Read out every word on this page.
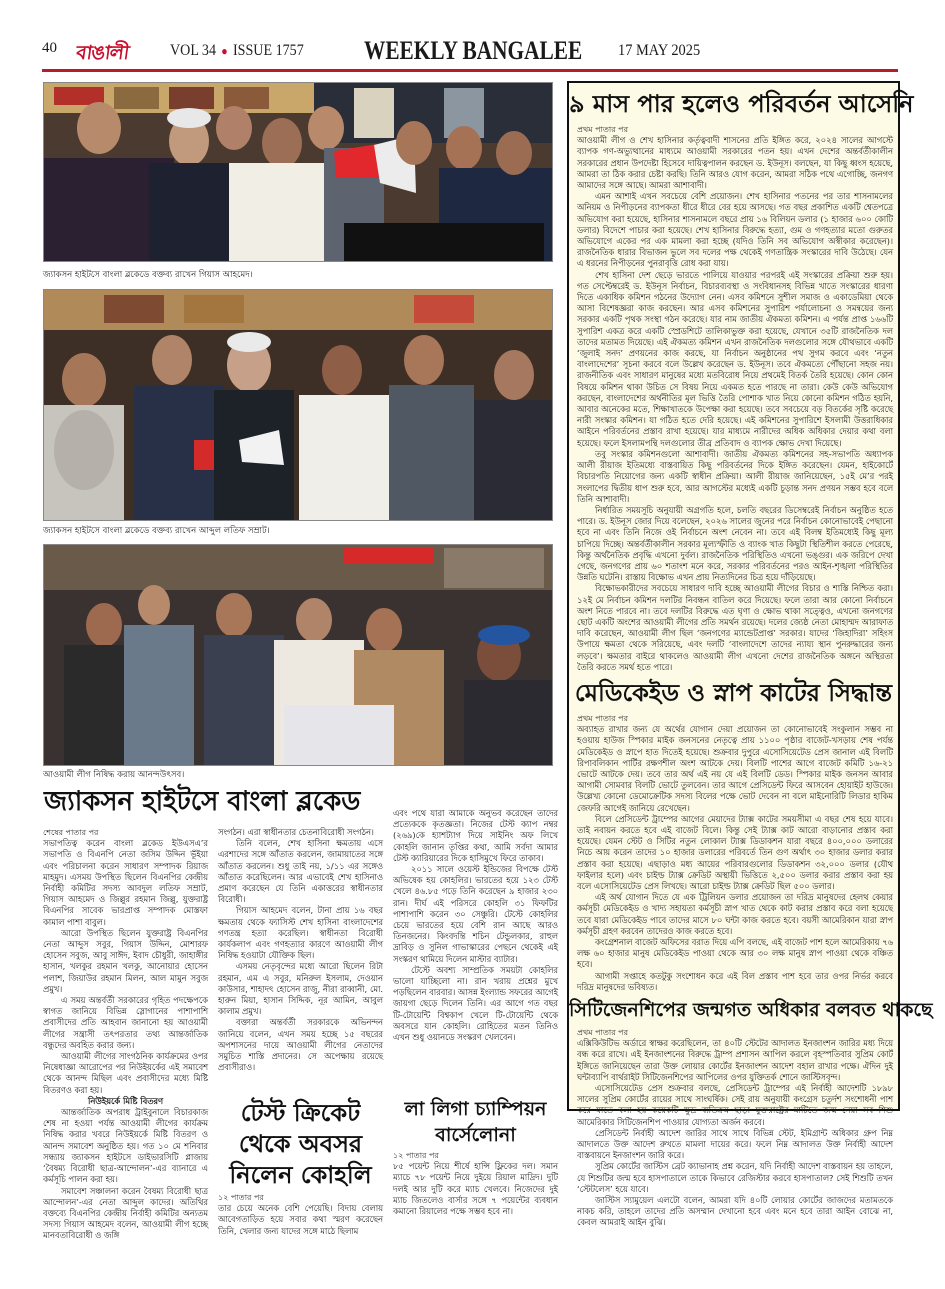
40 বাঙালী	VOL 34 ● ISSUE 1757 WEEKLY BANGALEE 17 MAY 2025
জ্যাকসন হাইটসে বাংলা ব্লকেডে বক্তব্য রাখেন গিয়াস আহমেদ।
জ্যাকসন হাইটসে বাংলা ব্লকেডে বক্তব্য রাখেন আব্দুল লতিফ সম্রাট।
আওয়ামী লীগ নিষিদ্ধ করায় আনন্দউৎসব।
জ্যাকসন হাইটসে বাংলা ব্লকেড

শেষের পাতার পর

সভাপতিত্ব করেন বাংলা ব্লকেড ইউএসএ’র সভাপতি ও বিএনপি নেতা জসিম উদ্দিন ভূঁইয়া এবং পরিচালনা করেন সাধারণ সম্পাদক রিয়াজ মাহমুদ। এসময় উপস্থিত ছিলেন বিএনপির কেন্দ্রীয় নির্বাহী কমিটির সদস্য আবদুল লতিফ সম্রাট, গিয়াস আহমেদ ও জিল্লুর রহমান জিল্লু, যুক্তরাষ্ট্র বিএনপির সাবেক ভারপ্রাপ্ত সম্পাদক মোস্তফা কামাল পাশা বাবুল।

আরো উপস্থিত ছিলেন যুক্তরাষ্ট্র বিএনপির নেতা আব্দুস সবুর, গিয়াস উদ্দিন, মোশারফ হোসেন সবুজ, আবু সাঈদ, ইবাদ চৌধুরী, জাহাঙ্গীর হাসান, খলকুর রহমান খলকু, আনোয়ার হোসেন পলাশ, জিয়াউর রহমান মিলন, আল মামুন সবুজ প্রমুখ।

এ সময় অন্তর্বর্তী সরকারের গৃহিত পদক্ষেপকে স্বাগত জানিয়ে বিভিন্ন স্লোগানের পাশাপাশি প্রবাসীদের প্রতি আহবান জানানো হয় আওয়ামী লীগের সন্ত্রাসী তৎপরতার তথ্য আন্তর্জাতিক বন্ধুদের অবহিত করার জন্য।

আওয়ামী লীগের সাংগঠনিক কার্যক্রমের ওপর নিষেধাজ্ঞা আরোপের পর নিউইয়র্কের এই সমাবেশ থেকে আনন্দ মিছিল এবং প্রবাসীদের মধ্যে মিষ্টি বিতরণও করা হয়।

নিউইয়র্কে মিষ্টি বিতরণ

আন্তর্জাতিক অপরাধ ট্রাইবুনালে বিচারকাজ শেষ না হওয়া পর্যন্ত আওয়ামী লীগের কার্যক্রম নিষিদ্ধ করার খবরে নিউইয়র্কে মিষ্টি বিতরণ ও আনন্দ সমাবেশ অনুষ্ঠিত হয়। গত ১০ মে শনিবার সন্ধ্যায় জ্যাকসন হাইটসে ডাইভারসিটি প্লাজায় ‘বৈষম্য বিরোধী ছাত্র-আন্দোলন’-এর ব্যানারে এ কর্মসূচি পালন করা হয়।

সমাবেশ সঞ্চালনা করেন বৈষম্য বিরোধী ছাত্র আন্দোলন’-এর নেতা আব্দুল কাদের। অতিথির বক্তব্যে বিএনপির কেন্দ্রীয় নির্বাহী কমিটির অন্যতম সদস্য গিয়াস আহমেদ বলেন, আওয়ামী লীগ হচ্ছে মানবতাবিরোধী ও জঙ্গি

সংগঠন। এরা স্বাধীনতার চেতনাবিরোধী সংগঠন।

তিনি বলেন, শেখ হাসিনা ক্ষমতায় এসে এরশাদের সঙ্গে আঁতাত করলেন, জামায়াতের সঙ্গে আঁতাত করলেন। শুধু তাই নয়, ১/১১ এর সঙ্গেও আঁতাত করেছিলেন। আর এভাবেই শেখ হাসিনাও প্রমাণ করেছেন যে তিনি একাত্তরের স্বাধীনতার বিরোধী।

গিয়াস আহমেদ বলেন, টানা প্রায় ১৬ বছর ক্ষমতায় থেকে ফ্যাসিস্ট শেখ হাসিনা বাংলাদেশের গণতন্ত্র হত্যা করেছিল। স্বাধীনতা বিরোধী কার্যকলাপ এবং গণহত্যার কারণে আওয়ামী লীগ নিষিদ্ধ হওয়াটা যৌক্তিক ছিল।

এসময় নেতৃবৃন্দের মধ্যে আরো ছিলেন রিটা রহমান, এম এ সবুর, মনিরুল ইসলাম, দেওয়ান কাউসার, শাহাদৎ হোসেন রাজু, নীরা রাব্বানী, মো. হারুন মিয়া, হাসান সিদ্দিক, নূর আমিন, আবুল কালাম প্রমুখ।

বক্তারা অন্তর্বর্তী সরকারকে অভিনন্দন জানিয়ে বলেন, এখন সময় হচ্ছে ১৫ বছরের অপশাসনের দায়ে আওয়ামী লীগের নেতাদের সমুচিত শাস্তি প্রদানের। সে অপেক্ষায় রয়েছে প্রবাসীরাও।

টেস্ট ক্রিকেট
থেকে অবসর
নিলেন কোহলি

১২ পাতার পর

তার চেয়ে অনেক বেশি পেয়েছি। বিদায় বেলায় আবেগতাড়িত হয়ে সবার কথা স্মরণ করেছেন তিনি, খেলার জন্য যাদের সঙ্গে মাঠে ছিলাম

এবং পথে যারা আমাকে অনুভব করেছেন তাদের প্রত্যেককে কৃতজ্ঞতা। নিজের টেস্ট ক্যাপ নম্বর (২৬৯)কে হ্যাশট্যাগ দিয়ে সাইনিং অফ লিখে কোহলি জানান তৃপ্তির কথা, আমি সর্বদা আমার টেস্ট ক্যারিয়ারের দিকে হাসিমুখে ফিরে তাকাব।

২০১১ সালে ওয়েস্ট ইন্ডিজের বিপক্ষে টেস্ট অভিষেক হয় কোহলির। ভারতের হয়ে ১২৩ টেস্ট খেলে ৪৬.৮৫ গড়ে তিনি করেছেন ৯ হাজার ২৩০ রান। দীর্ঘ এই পরিসরে কোহলি ৩১ ফিফটির পাশাপাশি করেন ৩০ সেঞ্চুরি। টেস্টে কোহলির চেয়ে ভারতের হয়ে বেশি রান আছে আরও তিনজনের। কিংবদন্তি শচিন টেন্ডুলকার, রাহুল দ্রাবিড় ও সুনিল গাভাস্কারের পেছনে থেকেই এই সংস্করণ থামিয়ে দিলেন মাস্টার ব্যাটার।

টেস্টে অবশ্য সাম্প্রতিক সময়টা কোহলির ভালো যাচ্ছিলো না। রান খরায় প্রশ্নের মুখে পড়ছিলেন বারবার। আসন্ন ইংল্যান্ড সফরের আগেই জায়গা ছেড়ে দিলেন তিনি। এর আগে গত বছর টি-টোয়েন্টি বিশ্বকাপ খেলে টি-টোয়েন্টি থেকে অবসরে যান কোহলি। রোহিতের মতন তিনিও এখন শুধু ওয়ানডে সংস্করণ খেলবেন।

লা লিগা চ্যাম্পিয়ন
বার্সেলোনা

১২ পাতার পর

৮৫ পয়েন্ট নিয়ে শীর্ষে হান্সি ফ্লিকের দল। সমান ম্যাচে ৭৮ পয়েন্ট নিয়ে দুইয়ে রিয়াল মাদ্রিদ। দুটি দলই আর দুটি করে ম্যাচ খেলবে। নিজেদের দুই ম্যাচ জিতলেও বার্সার সঙ্গে ৭ পয়েন্টের ব্যবধান কমানো রিয়ালের পক্ষে সম্ভব হবে না।

৯ মাস পার হলেও পরিবর্তন আসেনি

প্রথম পাতার পর

আওয়ামী লীগ ও শেখ হাসিনার কর্তৃত্ববাদী শাসনের প্রতি ইঙ্গিত করে, ২০২৪ সালের আগস্টে ব্যাপক গণ-অভ্যুত্থানের মাধ্যমে আওয়ামী সরকারের পতন হয়। এখন দেশের অন্তর্বর্তীকালীন সরকারের প্রধান উপদেষ্টা হিসেবে দায়িত্বপালন করছেন ড. ইউনূস। বলছেন, যা কিছু ধ্বংস হয়েছে, আমরা তা ঠিক করার চেষ্টা করছি। তিনি আরও যোগ করেন, আমরা সঠিক পথে এগোচ্ছি, জনগণ আমাদের সঙ্গে আছে। আমরা আশাবাদী।

এমন আশাই এখন সবচেয়ে বেশি প্রয়োজন। শেখ হাসিনার পতনের পর তার শাসনামলের অনিয়ম ও নিপীড়নের ব্যাপকতা ধীরে ধীরে বের হয়ে আসছে। গত বছর প্রকাশিত একটি শ্বেতপত্রে অভিযোগ করা হয়েছে, হাসিনার শাসনামলে বছরে প্রায় ১৬ বিলিয়ন ডলার (১ হাজার ৬০০ কোটি ডলার) বিদেশে পাচার করা হয়েছে। শেখ হাসিনার বিরুদ্ধে হত্যা, গুম ও গণহত্যার মতো গুরুতর অভিযোগে একের পর এক মামলা করা হচ্ছে (যদিও তিনি সব অভিযোগ অস্বীকার করেছেন)। রাজনৈতিক ধারার বিভাজন ভুলে সব দলের পক্ষ থেকেই গণতান্ত্রিক সংস্কারের দাবি উঠেছে। যেন এ ধরনের নিপীড়নের পুনরাবৃত্তি রোধ করা যায়।

শেখ হাসিনা দেশ ছেড়ে ভারতে পালিয়ে যাওয়ার পরপরই এই সংস্কারের প্রক্রিয়া শুরু হয়। গত সেপ্টেম্বরেই ড. ইউনূস নির্বাচন, বিচারব্যবস্থা ও সংবিধানসহ বিভিন্ন খাতে সংস্কারের ধারণা দিতে একাধিক কমিশন গঠনের উদ্যোগ নেন। এসব কমিশনে সুশীল সমাজ ও একাডেমিয়া থেকে আসা বিশেষজ্ঞরা কাজ করছেন। আর এসব কমিশনের সুপারিশ পর্যালোচনা ও সমন্বয়ের জন্য সরকার একটি পৃথক সংস্থা গঠন করেছে। যার নাম জাতীয় ঐকমত্য কমিশন। এ পর্যন্ত প্রাপ্ত ১৬৬টি সুপারিশ একত্র করে একটি স্প্রেডশিটে তালিকাভুক্ত করা হয়েছে, যেখানে ৩৫টি রাজনৈতিক দল তাদের মতামত দিয়েছে। এই ঐকমত্য কমিশন এখন রাজনৈতিক দলগুলোর সঙ্গে যৌথভাবে একটি ‘জুলাই সনদ’ প্রণয়নের কাজ করছে, যা নির্বাচন অনুষ্ঠানের পথ সুগম করবে এবং ‘নতুন বাংলাদেশের’ সূচনা করবে বলে উল্লেখ করেছেন ড. ইউনূস। তবে ঐকমত্যে পৌঁছানো সহজ নয়। রাজনীতিক এবং সাধারণ মানুষের মধ্যে মতবিরোধ নিয়ে প্রথমেই বিতর্ক তৈরি হয়েছে। কোন কোন বিষয়ে কমিশন থাকা উচিত সে বিষয় নিয়ে একমত হতে পারছে না তারা। কেউ কেউ অভিযোগ করছেন, বাংলাদেশের অর্থনীতির মূল ভিত্তি তৈরি পোশাক খাত নিয়ে কোনো কমিশন গঠিত হয়নি, আবার অনেকের মতে, শিক্ষাখাতকে উপেক্ষা করা হয়েছে। তবে সবচেয়ে বড় বিতর্কের সৃষ্টি করেছে নারী সংস্কার কমিশন। যা গঠিত হতে দেরি হয়েছে। এই কমিশনের সুপারিশে ইসলামী উত্তরাধিকার আইনে পরিবর্তনের প্রস্তাব রাখা হয়েছে। যার মাধ্যমে নারীদের অধিক অধিকার দেয়ার কথা বলা হয়েছে। ফলে ইসলামপন্থি দলগুলোর তীব্র প্রতিবাদ ও ব্যাপক ক্ষোভ দেখা দিয়েছে।

তবু সংস্কার কমিশনগুলো আশাবাদী। জাতীয় ঐকমত্য কমিশনের সহ-সভাপতি অধ্যাপক আলী রীয়াজ ইতিমধ্যে বাস্তবায়িত কিছু পরিবর্তনের দিকে ইঙ্গিত করেছেন। যেমন, হাইকোর্টে বিচারপতি নিয়োগের জন্য একটি স্বাধীন প্রক্রিয়া। আলী রীয়াজ জানিয়েছেন, ১৫ই মে’র পরই সংলাপের দ্বিতীয় ধাপ শুরু হবে, আর আগস্টের মধ্যেই একটি চূড়ান্ত সনদ প্রণয়ন সম্ভব হবে বলে তিনি আশাবাদী।

নির্ধারিত সময়সূচি অনুযায়ী অগ্রগতি হলে, চলতি বছরের ডিসেম্বরেই নির্বাচন অনুষ্ঠিত হতে পারে। ড. ইউনূস জোর দিয়ে বলেছেন, ২০২৬ সালের জুনের পরে নির্বাচন কোনোভাবেই পেছানো হবে না এবং তিনি নিজে ওই নির্বাচনে অংশ নেবেন না। তবে এই বিলম্ব ইতিমধ্যেই কিছু মূল্য চাপিয়ে দিচ্ছে। অন্তর্বর্তীকালীন সরকার মূল্যস্ফীতি ও ব্যাংক খাত কিছুটা স্থিতিশীল করতে পেরেছে, কিন্তু অর্থনৈতিক প্রবৃদ্ধি এখনো দুর্বল। রাজনৈতিক পরিস্থিতিও এখনো ভঙ্গুর। এক জরিপে দেখা গেছে, জনগণের প্রায় ৬০ শতাংশ মনে করে, সরকার পরিবর্তনের পরও আইন-শৃঙ্খলা পরিস্থিতির উন্নতি ঘটেনি। রাস্তায় বিক্ষোভ এখন প্রায় নিত্যদিনের চিত্র হয়ে দাঁড়িয়েছে।

বিক্ষোভকারীদের সবচেয়ে সাধারণ দাবি হচ্ছে আওয়ামী লীগের বিচার ও শাস্তি নিশ্চিত করা। ১২ই মে নির্বাচন কমিশন দলটির নিবন্ধন বাতিল করে দিয়েছে। ফলে তারা আর কোনো নির্বাচনে অংশ নিতে পারবে না। তবে দলটির বিরুদ্ধে এত ঘৃণা ও ক্ষোভ থাকা সত্ত্বেও, এখনো জনগণের ছোট একটি অংশের আওয়ামী লীগের প্রতি সমর্থন রয়েছে। দলের জ্যেষ্ঠ নেতা মোহাম্মদ আরাফাত দাবি করেছেন, আওয়ামী লীগ ছিল ‘জনগণের ম্যান্ডেটপ্রাপ্ত’ সরকার। যাদের ‘জিহাদিরা’ সহিংস উপায়ে ক্ষমতা থেকে সরিয়েছে, এবং দলটি ‘বাংলাদেশে তাদের ন্যায্য স্থান পুনরুদ্ধারের জন্য লড়বে’। ক্ষমতার বাইরে থাকলেও আওয়ামী লীগ এখনো দেশের রাজনৈতিক অঙ্গনে অস্থিরতা তৈরি করতে সমর্থ হতে পারে।

মেডিকেইড ও স্নাপ কাটের সিদ্ধান্ত

প্রথম পাতার পর

অব্যাহত রাখার জন্য যে অর্থের যোগান দেয়া প্রয়োজন তা কোনোভাবেই সংকুলান সম্ভব না হওয়ায় হাউজ স্পিকার মাইক জনসনের নেতৃত্বে প্রায় ১১০০ পৃষ্ঠার বাজেট-খসড়ায় শেষ পর্যন্ত মেডিকেইড ও স্নাপে হাত দিতেই হয়েছে। শুক্রবার দুপুরে এসোসিয়েটেড প্রেস জানাল এই বিলটি রিপাবলিকান পার্টির রক্ষণশীল অংশ আটকে দেয়। বিলটি পাশের আগে বাজেট কমিটি ১৬-২১ ভোটে আটকে দেয়। তবে তার অর্থ এই নয় যে এই বিলটি ডেড। স্পিকার মাইক জনসন আবার আগামী সোমবার বিলটি ভোটে তুলবেন। তার আগে প্রেসিডেন্ট ফিরে আসবেন হোয়াইট হাউজে। উল্লেখ্য কোনো ডেমোক্রেটিক সদস্য বিলের পক্ষে ভোট দেবেন না বলে মাইনোরিটি লিডার হাকিম জেফরি আগেই জানিয়ে রেখেছেন।

বিলে প্রেসিডেন্ট ট্রাম্পের আগের মেয়াদের ট্যাক্স কাটের সময়সীমা এ বছর শেষ হয়ে যাবে। তাই নবায়ন করতে হবে এই বাজেট বিলে। কিন্তু সেই ট্যাক্স কাট আরো বাড়ানোর প্রস্তাব করা হয়েছে। যেমন স্টেট ও সিটির নতুন লোকাল ট্যাক্স ডিডাকশন যারা বছরে ৪০০,০০০ ডলারের নিচে আয় করেন তাদের ১০ হাজার ডলারের পরিবর্তে তিন গুণ অর্থাৎ ৩০ হাজার ডলার করার প্রস্তাব করা হয়েছে। এছাড়াও মধ্য আয়ের পরিবারগুলোর ডিডাকশন ৩২,০০০ ডলার (যৌথ ফাইলার হলে) এবং চাইল্ড ট্যাক্স ক্রেডিট অস্থায়ী ভিত্তিতে ২,৫০০ ডলার করার প্রস্তাব করা হয় বলে এসোসিয়েটেড প্রেস লিখছে। আরো চাইল্ড ট্যাক্স ক্রেডিট ছিল ৫০০ ডলার।

এই অর্থ যোগান দিতে যে এক ট্রিলিয়ন ডলার প্রয়োজন তা দরিদ্র মানুষদের হেলথ কেয়ার কর্মসূচী মেডিকেইড ও খাদ্য সহায়তা কর্মসূচী স্নাপ খাত থেকে কাট করার প্রস্তাব করে বলা হয়েছে তবে যারা মেডিকেইড পাবে তাদের মাসে ৮০ ঘন্টা কাজ করতে হবে। বয়সী আমেরিকান যারা স্নাপ কর্মসূচী গ্রহণ করবেন তাদেরও কাজ করতে হবে।

কংগ্রেশনাল বাজেট অফিসের বরাত দিয়ে এপি বলছে, এই বাজেট পাশ হলে আমেরিকায় ৭৬ লক্ষ ৬০ হাজার মানুষ মেডিকেইড পাওয়া থেকে আর ৩০ লক্ষ মানুষ স্নাপ পাওয়া থেকে বঞ্চিত হবে।

আগামী সপ্তাহে কতটুকু সংশোধন করে এই বিল প্রস্তাব পাশ হবে তার ওপর নির্ভর করবে দরিদ্র মানুষদের ভবিষ্যত।

সিটিজেনশিপের জন্মগত অধিকার বলবত থাকছে

প্রথম পাতার পর

এক্সিকিউটিভ অর্ডারে স্বাক্ষর করেছিলেন, তা ৪০টি স্টেটের আদালত ইনজাংশন জারির মধ্য দিয়ে বন্ধ করে রাখে। এই ইনজাংশনের বিরুদ্ধে ট্রাম্প প্রশাসন আপিল করলে বৃহস্পতিবার সুপ্রিম কোর্ট ইঙ্গিতে জানিয়েছেন তারা উক্ত লোয়ার কোর্টের ইনজাংশন আদেশ বহাল রাখার পক্ষে। ঐদিন দুই ঘন্টাব্যাপি বার্থরাইট সিটিজেনশিপের আপিলের ওপর যুক্তিতর্ক শোনে জাস্টিসবৃন্দ।

এসোসিয়েটেড প্রেস শুক্রবার বলছে, প্রেসিডেন্ট ট্রাম্পের এই নির্বাহী আদেশটি ১৮৯৮ সালের সুপ্রিম কোর্টের রায়ের সাথে সাংঘর্ষিক। সেই রায় অনুযায়ী কংগ্রেস চতুর্দশ সংশোধনী পাশ করে যাতে বলা হয় কয়েকটি ক্ষুদ্র ব্যতিক্রম ছাড়া যুক্তরাষ্ট্রের মাটিতে জন্ম নেয়া সব শিশু আমেরিকার সিটিজেনশিপ পাওয়ার যোগ্যতা অর্জন করবে।

প্রেসিডেন্ট নির্বাহী আদেশ জারির সাথে সাথে বিভিন্ন স্টেট, ইমিগ্রান্ট অধিকার গ্রুপ নিম্ন আদালতে উক্ত আদেশ রুখতে মামলা দায়ের করে। ফলে নিম্ন আদালত উক্ত নির্বাহী আদেশ বাস্তবায়নে ইনজাংশন জারি করে।

সুপ্রিম কোর্টের জাস্টিস ব্রেট ক্যাভানাহ প্রশ্ন করেন, যদি নির্বাহী আদেশ বাস্তবায়ন হয় তাহলে, যে শিশুটির জন্ম হবে হাসপাতালে তাকে কিভাবে রেজিস্টার করবে হাসপাতাল? সেই শিশুটি তখন ‘স্টেটলেস’ হয়ে যাবে।

জাস্টিস স্যামুয়েল এলটো বলেন, আমরা যদি ৪০টি লোয়ার কোর্টের জাজদের মতামতকে নাকচ করি, তাহলে তাদের প্রতি অসম্মান দেখানো হবে এবং মনে হবে তারা আইন বোঝে না, কেবল আমরাই আইন বুঝি।
